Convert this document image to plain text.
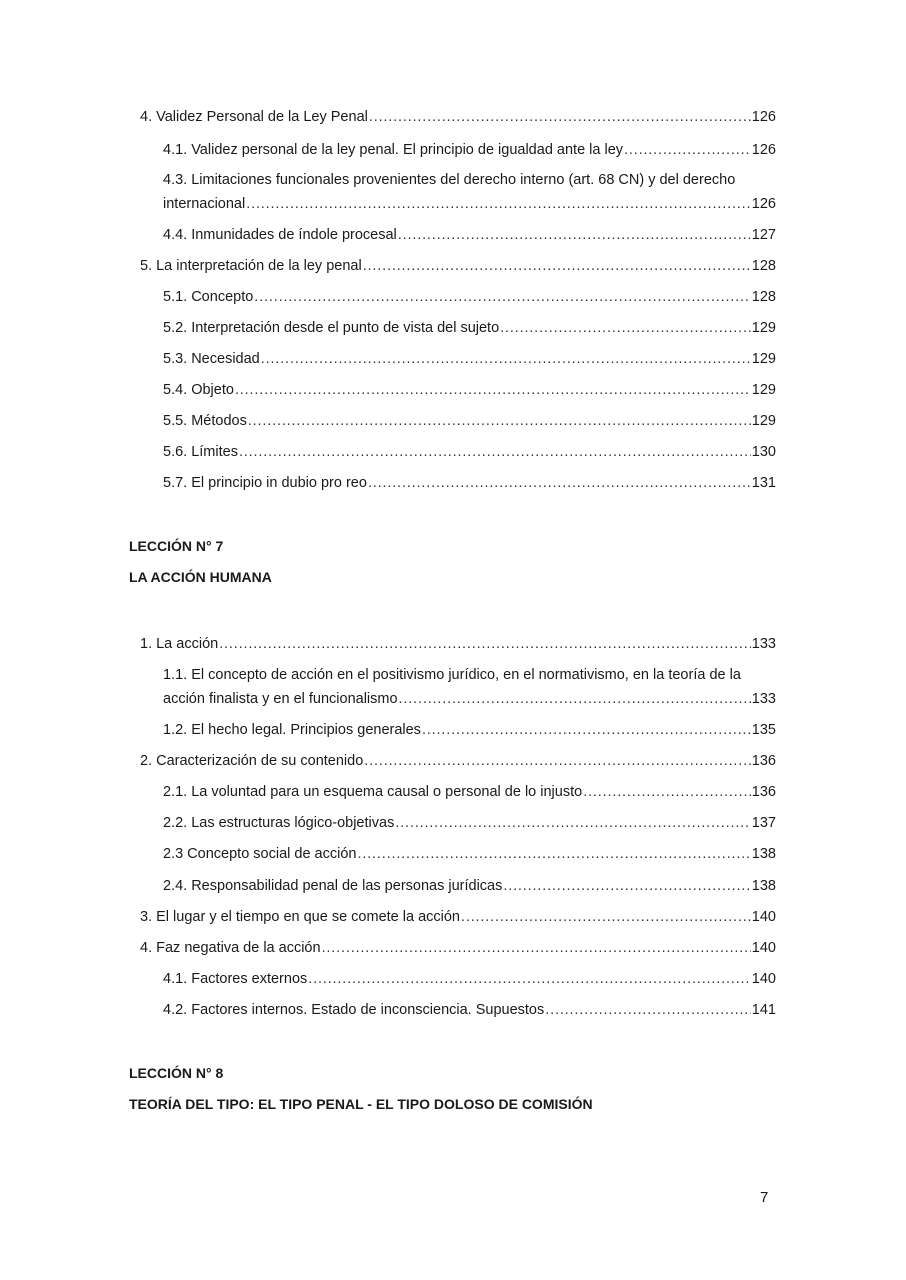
4. Validez Personal de la Ley Penal . . .	126
4.1. Validez personal de la ley penal. El principio de igualdad ante la ley . . .	126
4.3. Limitaciones funcionales provenientes del derecho interno (art. 68 CN) y del derecho
internacional . . .	126
4.4. Inmunidades de índole procesal . . .	127
5. La interpretación de la ley penal . . .	128
5.1. Concepto . . .	128
5.2. Interpretación desde el punto de vista del sujeto . . .	129
5.3. Necesidad . . .	129
5.4. Objeto . . .	129
5.5. Métodos . . .	129
5.6. Límites . . .	130
5.7. El principio in dubio pro reo . . .	131
LECCIÓN N° 7
LA ACCIÓN HUMANA
1. La acción . . .	133
1.1. El concepto de acción en el positivismo jurídico, en el normativismo, en la teoría de la
acción finalista y en el funcionalismo . . .	133
1.2. El hecho legal. Principios generales . . .	135
2. Caracterización de su contenido . . .	136
2.1. La voluntad para un esquema causal o personal de lo injusto . . .	136
2.2. Las estructuras lógico-objetivas . . .	137
2.3 Concepto social de acción . . .	138
2.4. Responsabilidad penal de las personas jurídicas . . .	138
3. El lugar y el tiempo en que se comete la acción . . .	140
4. Faz negativa de la acción . . .	140
4.1. Factores externos . . .	140
4.2. Factores internos. Estado de inconsciencia. Supuestos . . .	141
LECCIÓN N° 8
TEORÍA DEL TIPO: EL TIPO PENAL - EL TIPO DOLOSO DE COMISIÓN
7
